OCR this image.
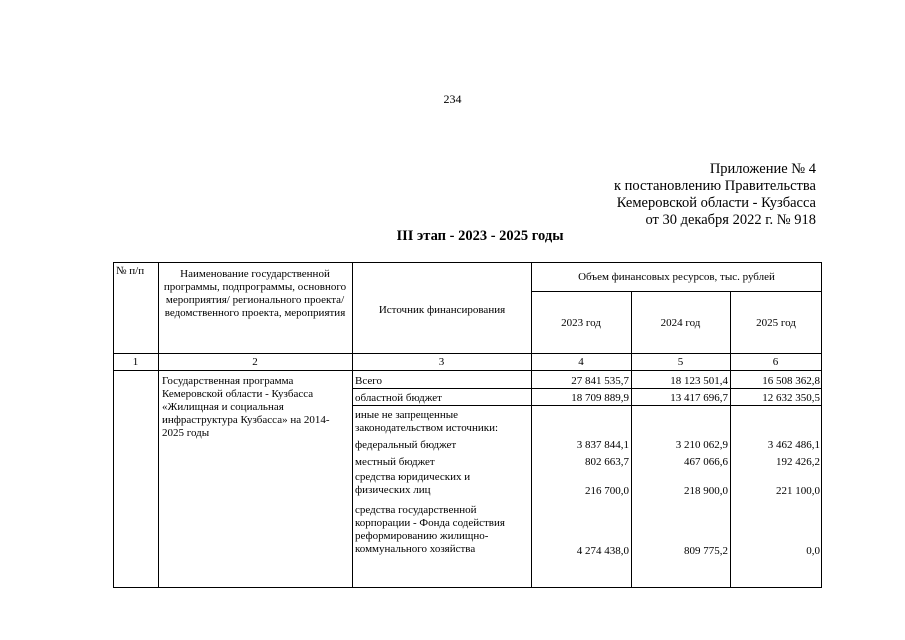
234
Приложение № 4
к постановлению Правительства
Кемеровской области - Кузбасса
от 30 декабря 2022 г. № 918
III этап - 2023 - 2025 годы
№ п/п	Наименование государственной программы, подпрограммы, основного мероприятия/ регионального проекта/ ведомственного проекта, мероприятия	Источник финансирования
Объем финансовых ресурсов, тыс. рублей
2023 год	2024 год	2025 год
1	2	3	4	5	6
Государственная программа Кемеровской области - Кузбасса «Жилищная и социальная инфраструктура Кузбасса» на 2014-2025 годы
Всего	27 841 535,7	18 123 501,4	16 508 362,8
областной бюджет	18 709 889,9	13 417 696,7	12 632 350,5
иные не запрещенные законодательством источники:
федеральный бюджет	3 837 844,1	3 210 062,9	3 462 486,1
местный бюджет	802 663,7	467 066,6	192 426,2
средства юридических и физических лиц	216 700,0	218 900,0	221 100,0
средства государственной корпорации - Фонда содействия реформированию жилищно-коммунального хозяйства	4 274 438,0	809 775,2	0,0
